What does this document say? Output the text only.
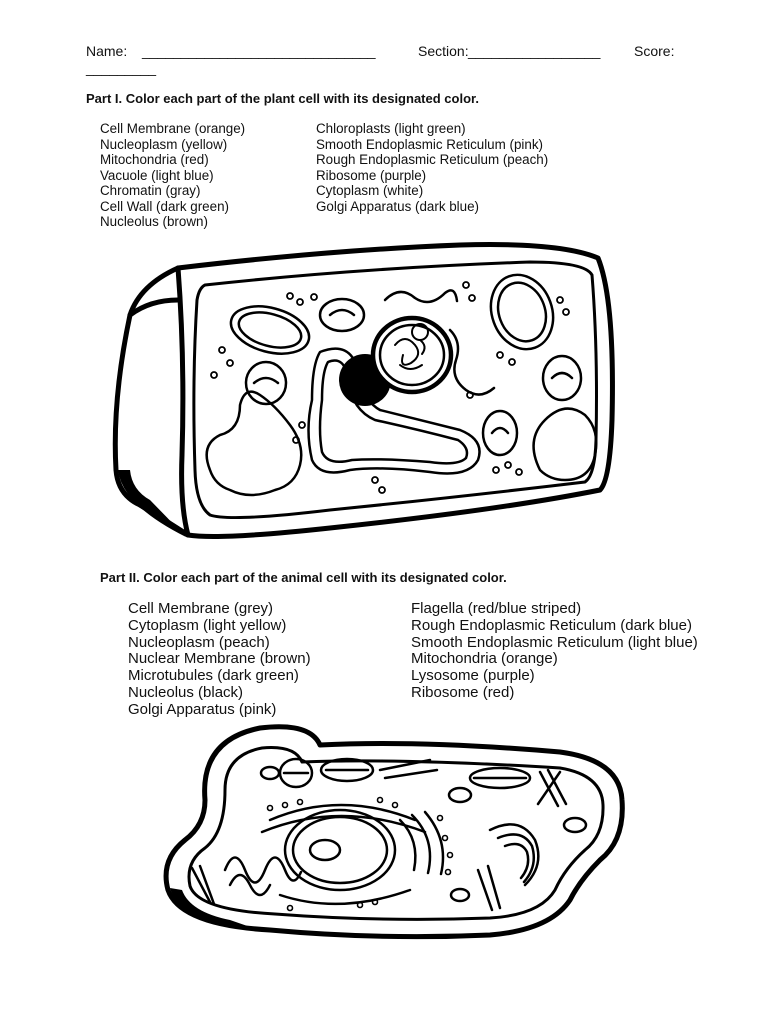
Name: ______________________________	Section: _________________ Score:
_________
Part I. Color each part of the plant cell with its designated color.
Cell Membrane (orange)
Nucleoplasm (yellow)
Mitochondria (red)
Vacuole (light blue)
Chromatin (gray)
Cell Wall (dark green)
Nucleolus (brown)
Chloroplasts (light green)
Smooth Endoplasmic Reticulum (pink)
Rough Endoplasmic Reticulum (peach)
Ribosome (purple)
Cytoplasm (white)
Golgi Apparatus (dark blue)
Part II. Color each part of the animal cell with its designated color.
Cell Membrane (grey)
Cytoplasm (light yellow)
Nucleoplasm (peach)
Nuclear Membrane (brown)
Microtubules (dark green)
Nucleolus (black)
Golgi Apparatus (pink)
Flagella (red/blue striped)
Rough Endoplasmic Reticulum (dark blue)
Smooth Endoplasmic Reticulum (light blue)
Mitochondria (orange)
Lysosome (purple)
Ribosome (red)
